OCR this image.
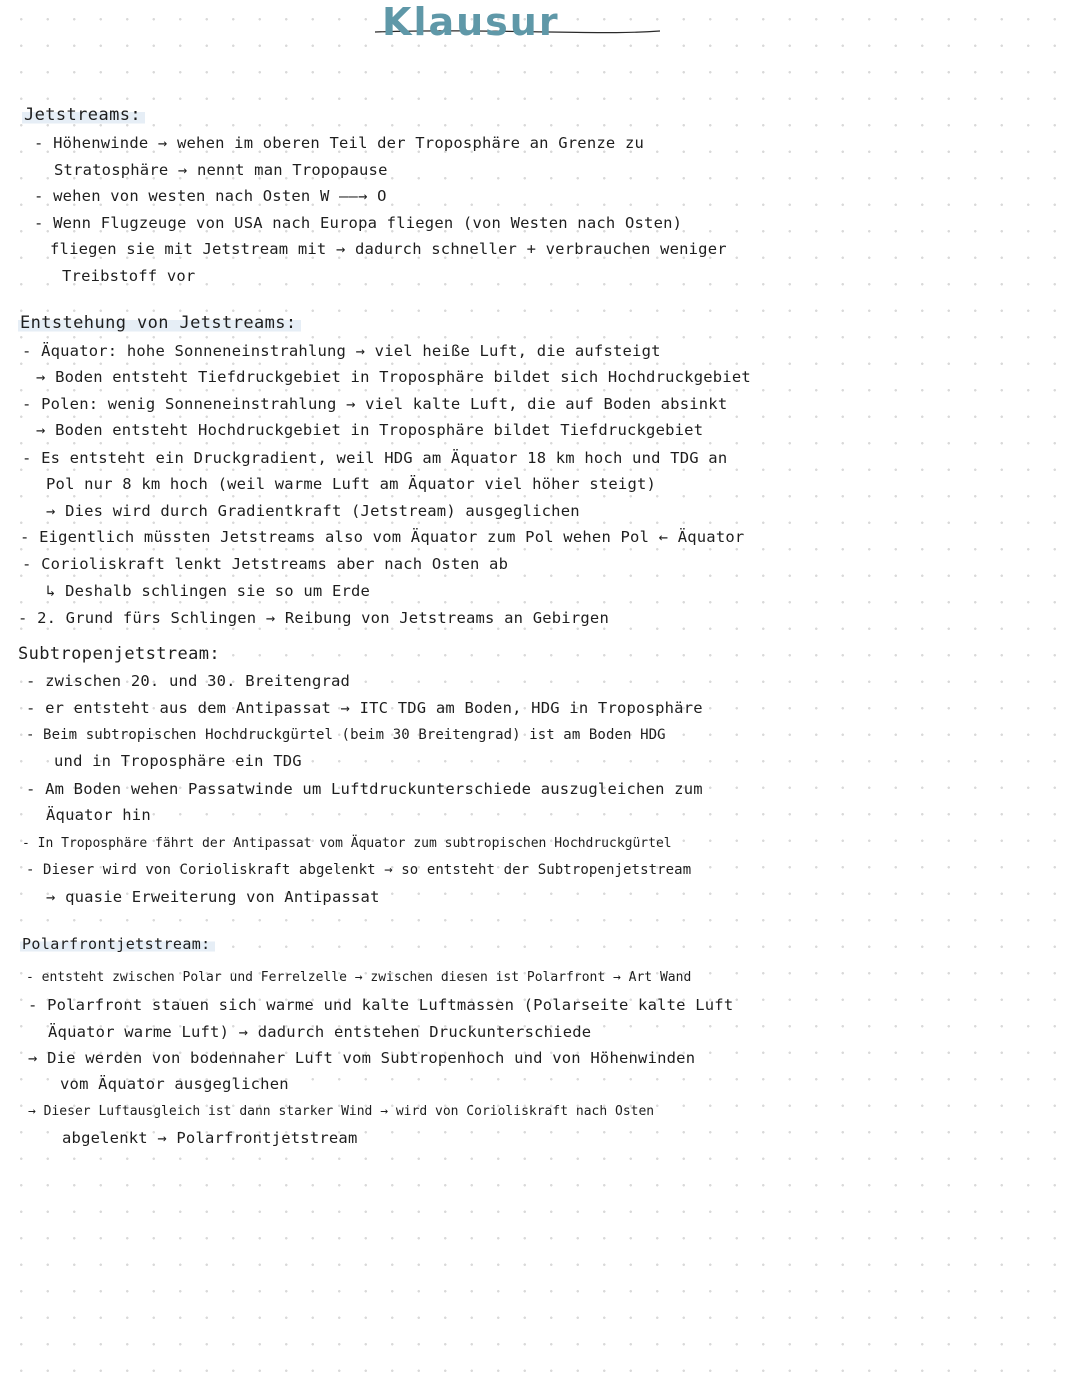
Klausur
Jetstreams:
- Höhenwinde → wehen im oberen Teil der Troposphäre an Grenze zu
Stratosphäre → nennt man Tropopause
- wehen von westen nach Osten W ——→ O
- Wenn Flugzeuge von USA nach Europa fliegen (von Westen nach Osten)
fliegen sie mit Jetstream mit → dadurch schneller + verbrauchen weniger
Treibstoff vor
Entstehung von Jetstreams:
- Äquator: hohe Sonneneinstrahlung → viel heiße Luft, die aufsteigt
→ Boden entsteht Tiefdruckgebiet in Troposphäre bildet sich Hochdruckgebiet
- Polen: wenig Sonneneinstrahlung → viel kalte Luft, die auf Boden absinkt
→ Boden entsteht Hochdruckgebiet in Troposphäre bildet Tiefdruckgebiet
- Es entsteht ein Druckgradient, weil HDG am Äquator 18 km hoch und TDG an
Pol nur 8 km hoch (weil warme Luft am Äquator viel höher steigt)
→ Dies wird durch Gradientkraft (Jetstream) ausgeglichen
- Eigentlich müssten Jetstreams also vom Äquator zum Pol wehen Pol ← Äquator
- Corioliskraft lenkt Jetstreams aber nach Osten ab
↳ Deshalb schlingen sie so um Erde
- 2. Grund fürs Schlingen → Reibung von Jetstreams an Gebirgen
Subtropenjetstream:
- zwischen 20. und 30. Breitengrad
- er entsteht aus dem Antipassat → ITC TDG am Boden, HDG in Troposphäre
- Beim subtropischen Hochdruckgürtel (beim 30 Breitengrad) ist am Boden HDG
und in Troposphäre ein TDG
- Am Boden wehen Passatwinde um Luftdruckunterschiede auszugleichen zum
Äquator hin
- In Troposphäre fährt der Antipassat vom Äquator zum subtropischen Hochdruckgürtel
- Dieser wird von Corioliskraft abgelenkt → so entsteht der Subtropenjetstream
→ quasie Erweiterung von Antipassat
Polarfrontjetstream:
- entsteht zwischen Polar und Ferrelzelle → zwischen diesen ist Polarfront → Art Wand
- Polarfront stauen sich warme und kalte Luftmassen (Polarseite kalte Luft
Äquator warme Luft) → dadurch entstehen Druckunterschiede
→ Die werden von bodennaher Luft vom Subtropenhoch und von Höhenwinden
vom Äquator ausgeglichen
→ Dieser Luftausgleich ist dann starker Wind → wird von Corioliskraft nach Osten
abgelenkt → Polarfrontjetstream
